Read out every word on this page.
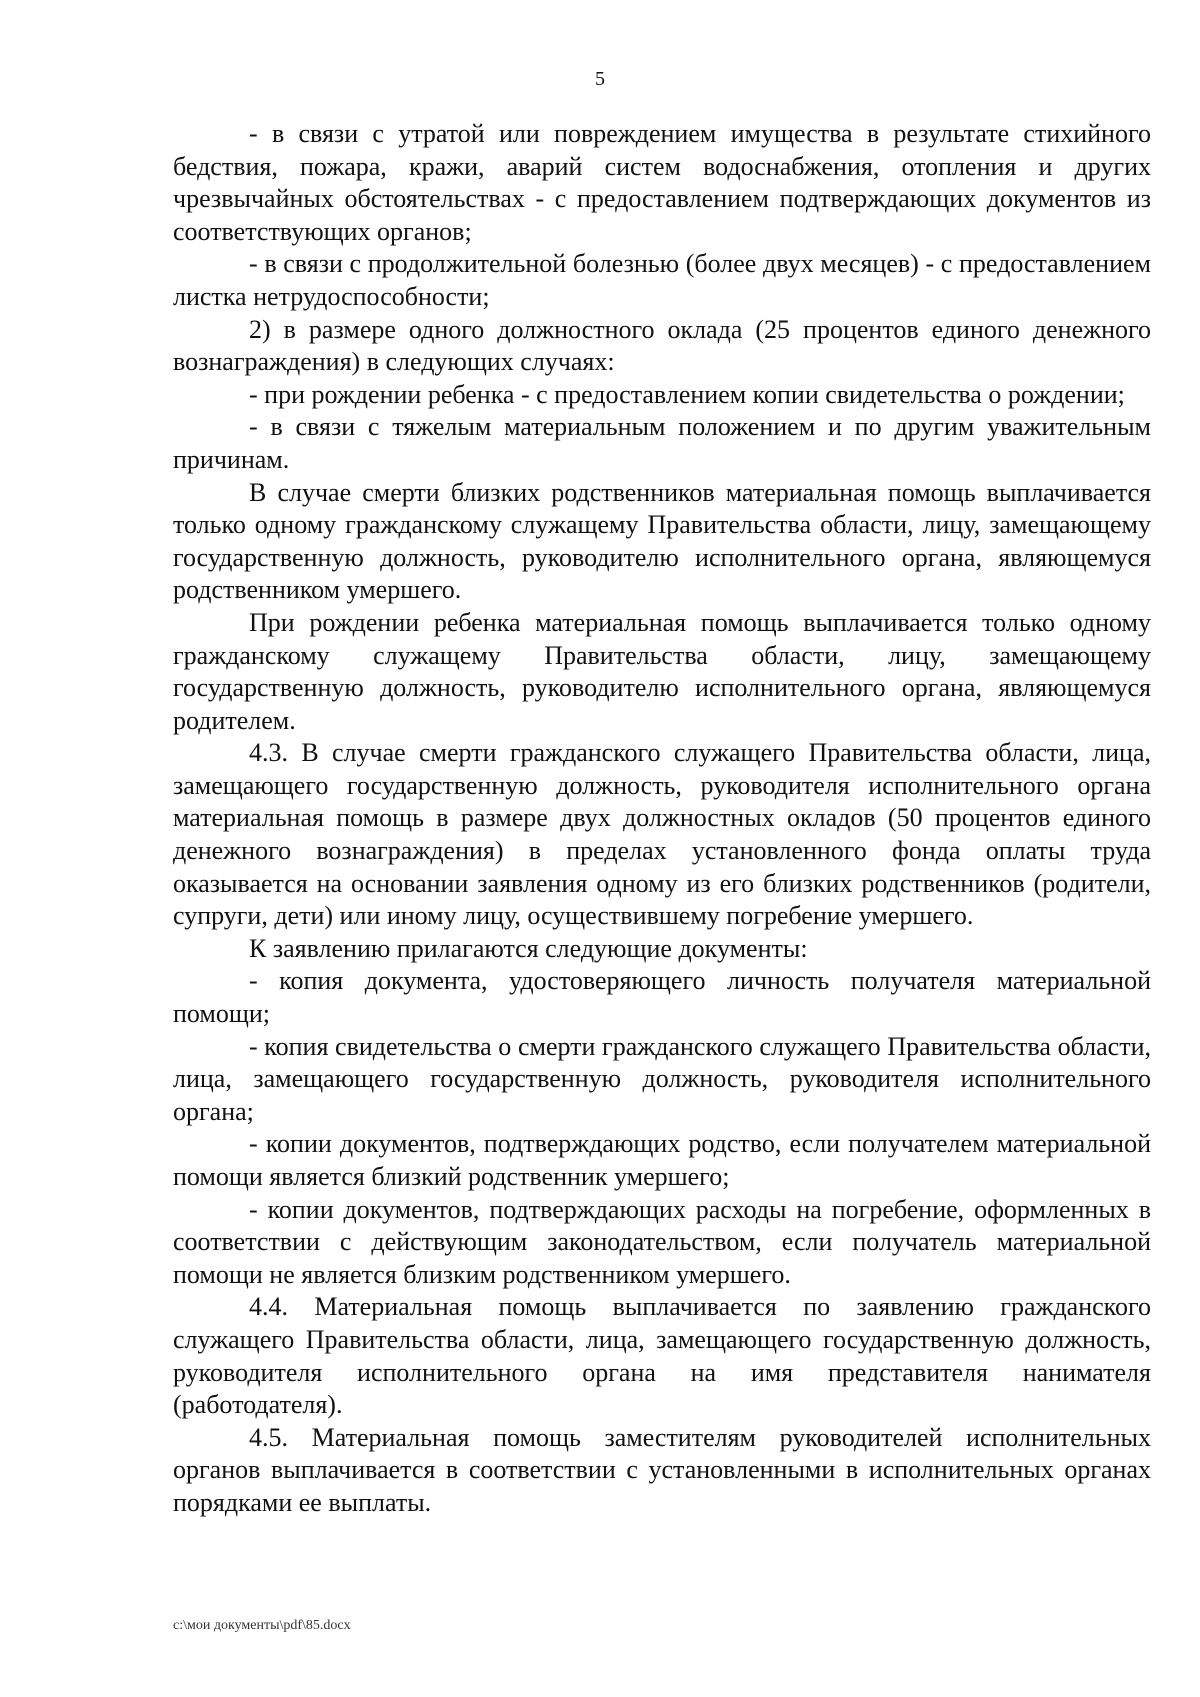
5

- в связи с утратой или повреждением имущества в результате стихийного бедствия, пожара, кражи, аварий систем водоснабжения, отопления и других чрезвычайных обстоятельствах - с предоставлением подтверждающих документов из соответствующих органов;

- в связи с продолжительной болезнью (более двух месяцев) - с предоставлением листка нетрудоспособности;

2) в размере одного должностного оклада (25 процентов единого денежного вознаграждения) в следующих случаях:

- при рождении ребенка - с предоставлением копии свидетельства о рождении;

- в связи с тяжелым материальным положением и по другим уважительным причинам.

В случае смерти близких родственников материальная помощь выплачивается только одному гражданскому служащему Правительства области, лицу, замещающему государственную должность, руководителю исполнительного органа, являющемуся родственником умершего.

При рождении ребенка материальная помощь выплачивается только одному гражданскому служащему Правительства области, лицу, замещающему государственную должность, руководителю исполнительного органа, являющемуся родителем.

4.3. В случае смерти гражданского служащего Правительства области, лица, замещающего государственную должность, руководителя исполнительного органа материальная помощь в размере двух должностных окладов (50 процентов единого денежного вознаграждения) в пределах установленного фонда оплаты труда оказывается на основании заявления одному из его близких родственников (родители, супруги, дети) или иному лицу, осуществившему погребение умершего.

К заявлению прилагаются следующие документы:

- копия документа, удостоверяющего личность получателя материальной помощи;

- копия свидетельства о смерти гражданского служащего Правительства области, лица, замещающего государственную должность, руководителя исполнительного органа;

- копии документов, подтверждающих родство, если получателем материальной помощи является близкий родственник умершего;

- копии документов, подтверждающих расходы на погребение, оформленных в соответствии с действующим законодательством, если получатель материальной помощи не является близким родственником умершего.

4.4. Материальная помощь выплачивается по заявлению гражданского служащего Правительства области, лица, замещающего государственную должность, руководителя исполнительного органа на имя представителя нанимателя (работодателя).

4.5. Материальная помощь заместителям руководителей исполнительных органов выплачивается в соответствии с установленными в исполнительных органах порядками ее выплаты.

c:\мои документы\pdf\85.docx
